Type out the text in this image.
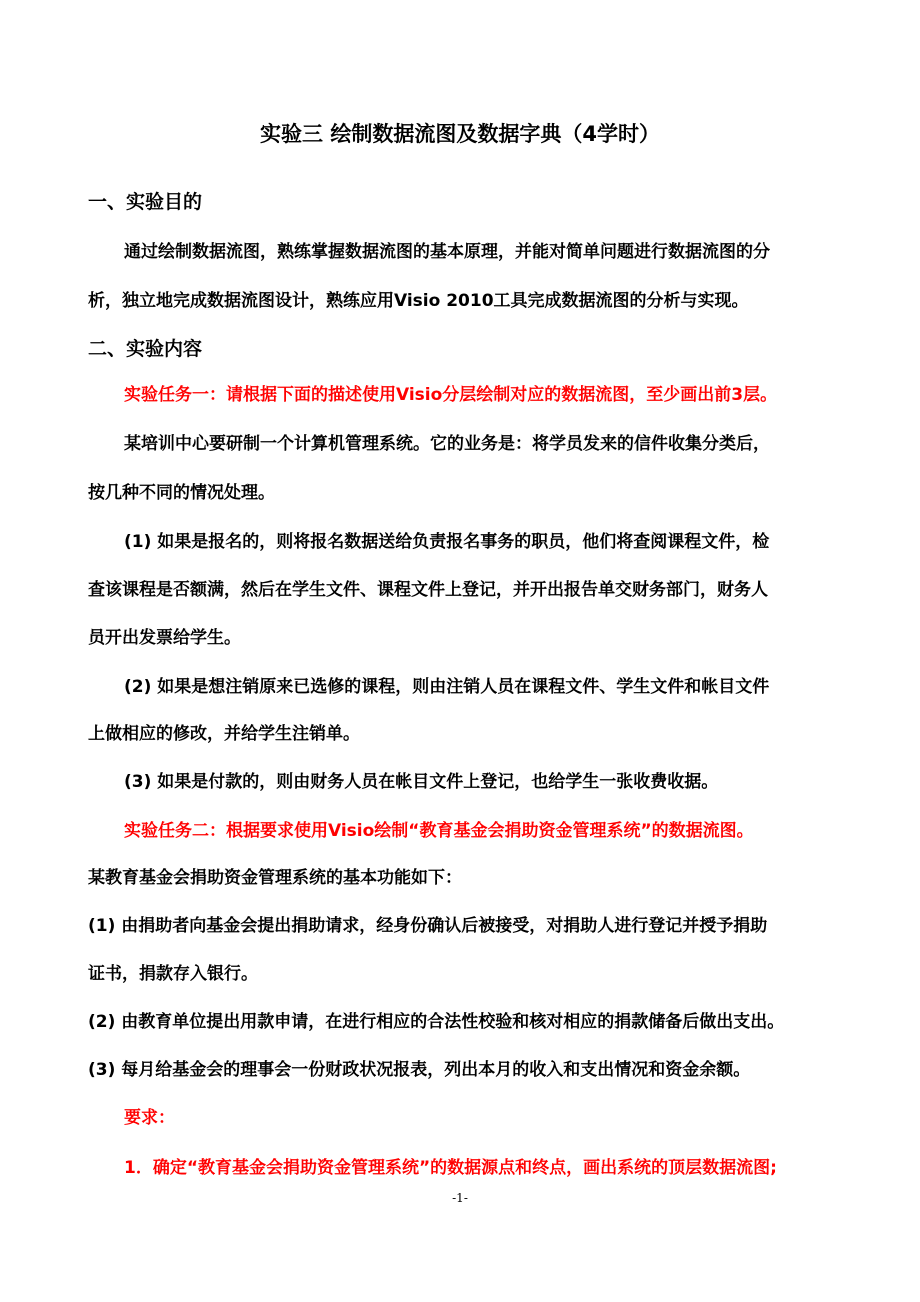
实验三 绘制数据流图及数据字典（4学时）

一、实验目的

通过绘制数据流图，熟练掌握数据流图的基本原理，并能对简单问题进行数据流图的分

析，独立地完成数据流图设计，熟练应用Visio 2010工具完成数据流图的分析与实现。

二、实验内容

实验任务一：请根据下面的描述使用Visio分层绘制对应的数据流图，至少画出前3层。

某培训中心要研制一个计算机管理系统。它的业务是：将学员发来的信件收集分类后，

按几种不同的情况处理。

(1) 如果是报名的，则将报名数据送给负责报名事务的职员，他们将查阅课程文件，检

查该课程是否额满，然后在学生文件、课程文件上登记，并开出报告单交财务部门，财务人

员开出发票给学生。

(2) 如果是想注销原来已选修的课程，则由注销人员在课程文件、学生文件和帐目文件

上做相应的修改，并给学生注销单。

(3) 如果是付款的，则由财务人员在帐目文件上登记，也给学生一张收费收据。

实验任务二：根据要求使用Visio绘制“教育基金会捐助资金管理系统”的数据流图。

某教育基金会捐助资金管理系统的基本功能如下：

(1) 由捐助者向基金会提出捐助请求，经身份确认后被接受，对捐助人进行登记并授予捐助

证书，捐款存入银行。

(2) 由教育单位提出用款申请，在进行相应的合法性校验和核对相应的捐款储备后做出支出。

(3) 每月给基金会的理事会一份财政状况报表，列出本月的收入和支出情况和资金余额。

要求：

1．确定“教育基金会捐助资金管理系统”的数据源点和终点，画出系统的顶层数据流图;

-1-
